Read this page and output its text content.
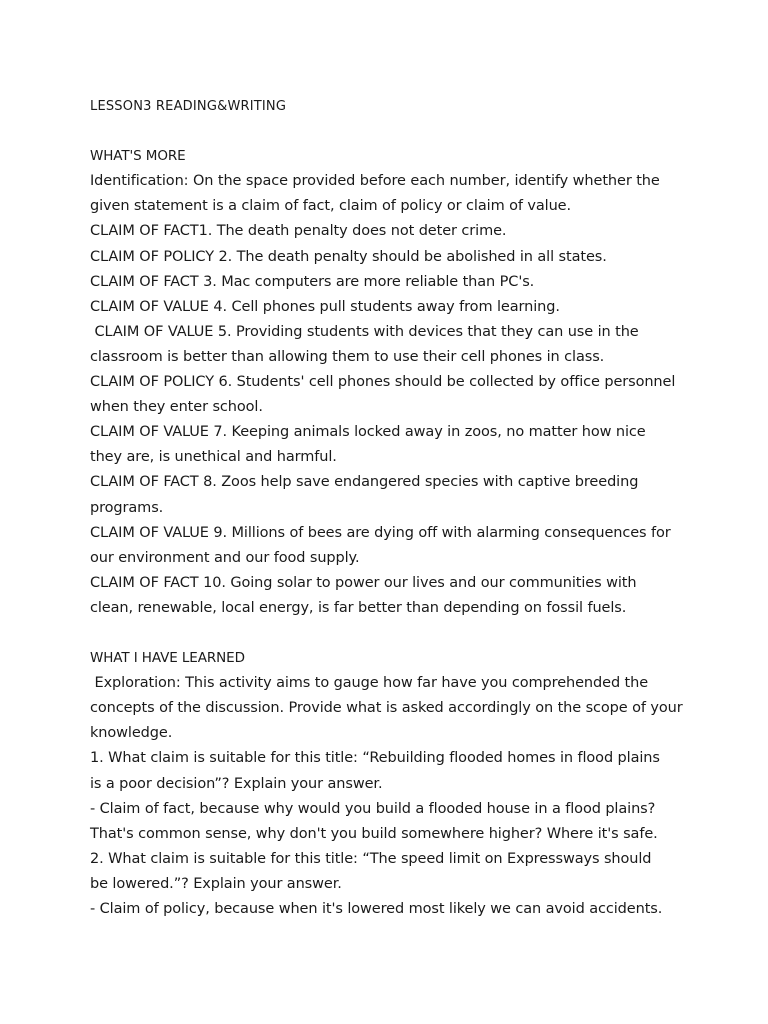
LESSON3 READING&WRITING
WHAT'S MORE
Identification: On the space provided before each number, identify whether the
given statement is a claim of fact, claim of policy or claim of value.
CLAIM OF FACT1. The death penalty does not deter crime.
CLAIM OF POLICY 2. The death penalty should be abolished in all states.
CLAIM OF FACT 3. Mac computers are more reliable than PC's.
CLAIM OF VALUE 4. Cell phones pull students away from learning.
CLAIM OF VALUE 5. Providing students with devices that they can use in the
classroom is better than allowing them to use their cell phones in class.
CLAIM OF POLICY 6. Students' cell phones should be collected by office personnel
when they enter school.
CLAIM OF VALUE 7. Keeping animals locked away in zoos, no matter how nice
they are, is unethical and harmful.
CLAIM OF FACT 8. Zoos help save endangered species with captive breeding
programs.
CLAIM OF VALUE 9. Millions of bees are dying off with alarming consequences for
our environment and our food supply.
CLAIM OF FACT 10. Going solar to power our lives and our communities with
clean, renewable, local energy, is far better than depending on fossil fuels.
WHAT I HAVE LEARNED
Exploration: This activity aims to gauge how far have you comprehended the
concepts of the discussion. Provide what is asked accordingly on the scope of your
knowledge.
1. What claim is suitable for this title: “Rebuilding flooded homes in flood plains
is a poor decision”? Explain your answer.
- Claim of fact, because why would you build a flooded house in a flood plains?
That's common sense, why don't you build somewhere higher? Where it's safe.
2. What claim is suitable for this title: “The speed limit on Expressways should
be lowered.”? Explain your answer.
- Claim of policy, because when it's lowered most likely we can avoid accidents.
